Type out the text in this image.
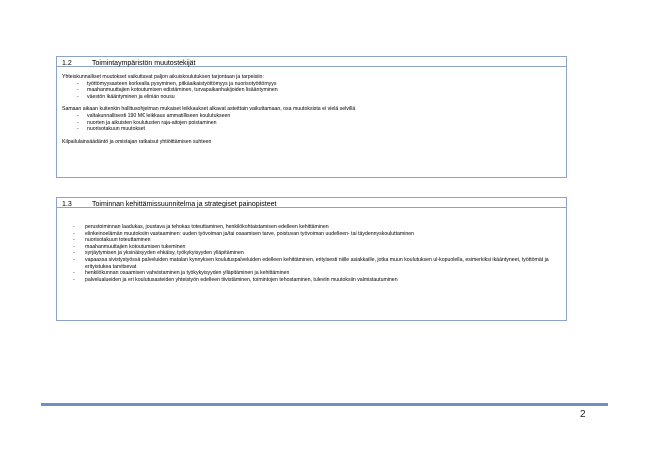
1.2	Toimintaympäristön muutostekijät
Yhteiskunnalliset muutokset vaikuttavat paljon aikuiskoulutuksen tarjontaan ja tarpeisiin:
- työttömyysasteen korkealla pysyminen, pitkäaikaistyöttömyys ja nuorisotyöttömyys
- maahanmuuttajien kotoutumisen edistäminen, turvapaikanhakijoiden lisääntyminen
- väestön ikääntyminen ja elinián nousu
Samaan aikaan kuitenkin hallitusohjelman mukaiset leikkaukset alkavat asteittain vaikuttamaan, osa muutoksista ei vielä selvillä
- valtakunnallisesti 190 M€ leikkaus ammatilliseen koulutukseen
- nuorten ja aikuisten koulutusten raja-aitojen poistaminen
- nuorisotakuun muutokset
Kilpailulainsäädäntö ja omistajan ratkaisut yhtiöittämisen suhteen
1.3	Toiminnan kehittämissuunnitelma ja strategiset painopisteet
- perustoiminnan laadukas, joustava ja tehokas toteuttaminen, henkilökohtaistamisen edelleen kehittäminen
- elinkeinoelämän muutoksiin vastaaminen: uuden työvoiman ja/tai osaamisen tarve, poistuvan työvoiman uudelleen- tai täydennyskouluttaminen
- nuorisotakuun toteuttaminen
- maahanmuuttajien kotoutumisen tukeminen
- syrjäytymisen ja yksinäisyyden ehkäisy, työkykyisyyden ylläpitäminen
- vapaassa sivistystyössä palveluiden matalan kynnyksen koulutuspalveluiden edelleen kehittäminen, erityisesti niille asiakkaille, jotka muun koulutuksen ul-kopuolella, esimerkiksi ikääntyneet, työttömät ja erityistukea tarvitsevat
- henkilökunnan osaamisen vahvistaminen ja työkykyisyyden ylläpitäminen ja kehittäminen
- palvelualueiden ja eri koulutusasteiden yhteistyön edelleen tiivistäminen, toimintojen tehostaminen, tuleviin muutoksiin valmistautuminen
2
